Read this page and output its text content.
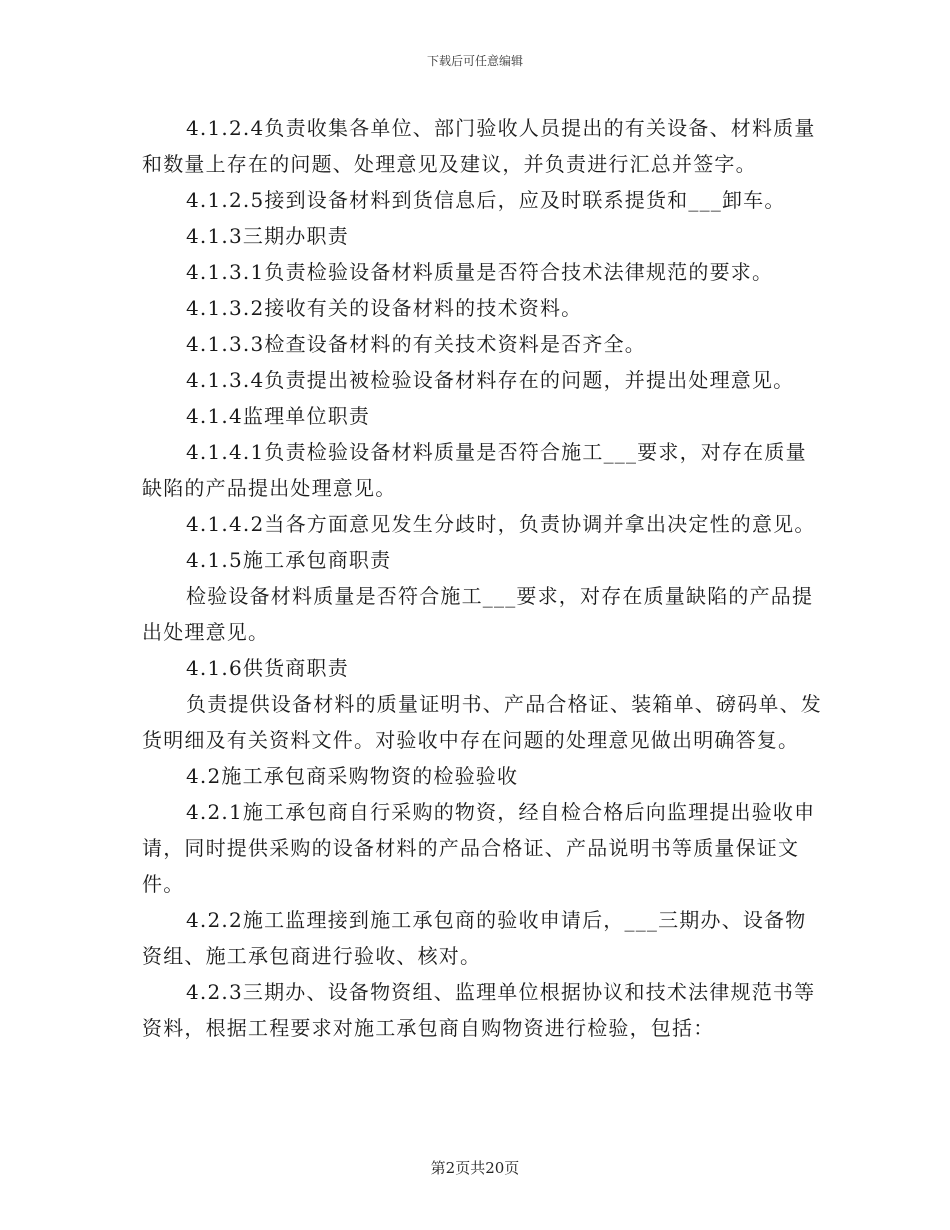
下载后可任意编辑

4.1.2.4负责收集各单位、部门验收人员提出的有关设备、材料质量和数量上存在的问题、处理意见及建议，并负责进行汇总并签字。

4.1.2.5接到设备材料到货信息后，应及时联系提货和___卸车。

4.1.3三期办职责

4.1.3.1负责检验设备材料质量是否符合技术法律规范的要求。

4.1.3.2接收有关的设备材料的技术资料。

4.1.3.3检查设备材料的有关技术资料是否齐全。

4.1.3.4负责提出被检验设备材料存在的问题，并提出处理意见。

4.1.4监理单位职责

4.1.4.1负责检验设备材料质量是否符合施工___要求，对存在质量缺陷的产品提出处理意见。

4.1.4.2当各方面意见发生分歧时，负责协调并拿出决定性的意见。

4.1.5施工承包商职责

检验设备材料质量是否符合施工___要求，对存在质量缺陷的产品提出处理意见。

4.1.6供货商职责

负责提供设备材料的质量证明书、产品合格证、装箱单、磅码单、发货明细及有关资料文件。对验收中存在问题的处理意见做出明确答复。

4.2施工承包商采购物资的检验验收

4.2.1施工承包商自行采购的物资，经自检合格后向监理提出验收申请，同时提供采购的设备材料的产品合格证、产品说明书等质量保证文件。

4.2.2施工监理接到施工承包商的验收申请后，___三期办、设备物资组、施工承包商进行验收、核对。

4.2.3三期办、设备物资组、监理单位根据协议和技术法律规范书等资料，根据工程要求对施工承包商自购物资进行检验，包括：

第2页共20页
